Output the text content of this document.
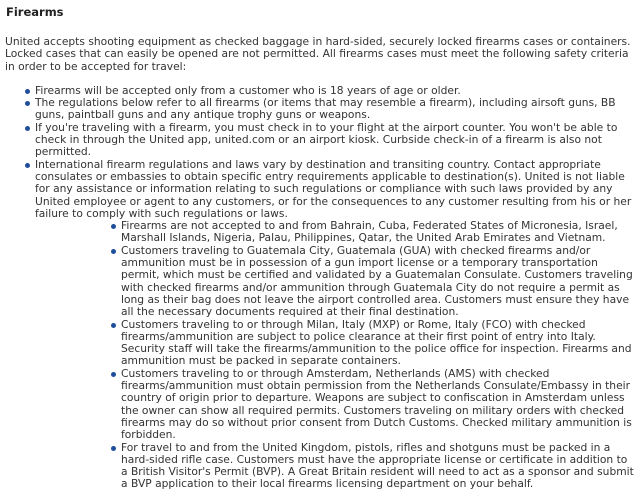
Firearms
United accepts shooting equipment as checked baggage in hard-sided, securely locked firearms cases or containers. Locked cases that can easily be opened are not permitted. All firearms cases must meet the following safety criteria in order to be accepted for travel:
Firearms will be accepted only from a customer who is 18 years of age or older.
The regulations below refer to all firearms (or items that may resemble a firearm), including airsoft guns, BB guns, paintball guns and any antique trophy guns or weapons.
If you're traveling with a firearm, you must check in to your flight at the airport counter. You won't be able to check in through the United app, united.com or an airport kiosk. Curbside check-in of a firearm is also not permitted.
International firearm regulations and laws vary by destination and transiting country. Contact appropriate consulates or embassies to obtain specific entry requirements applicable to destination(s). United is not liable for any assistance or information relating to such regulations or compliance with such laws provided by any United employee or agent to any customers, or for the consequences to any customer resulting from his or her failure to comply with such regulations or laws.
Firearms are not accepted to and from Bahrain, Cuba, Federated States of Micronesia, Israel, Marshall Islands, Nigeria, Palau, Philippines, Qatar, the United Arab Emirates and Vietnam.
Customers traveling to Guatemala City, Guatemala (GUA) with checked firearms and/or ammunition must be in possession of a gun import license or a temporary transportation permit, which must be certified and validated by a Guatemalan Consulate. Customers traveling with checked firearms and/or ammunition through Guatemala City do not require a permit as long as their bag does not leave the airport controlled area. Customers must ensure they have all the necessary documents required at their final destination.
Customers traveling to or through Milan, Italy (MXP) or Rome, Italy (FCO) with checked firearms/ammunition are subject to police clearance at their first point of entry into Italy. Security staff will take the firearms/ammunition to the police office for inspection. Firearms and ammunition must be packed in separate containers.
Customers traveling to or through Amsterdam, Netherlands (AMS) with checked firearms/ammunition must obtain permission from the Netherlands Consulate/Embassy in their country of origin prior to departure. Weapons are subject to confiscation in Amsterdam unless the owner can show all required permits. Customers traveling on military orders with checked firearms may do so without prior consent from Dutch Customs. Checked military ammunition is forbidden.
For travel to and from the United Kingdom, pistols, rifles and shotguns must be packed in a hard-sided rifle case. Customers must have the appropriate license or certificate in addition to a British Visitor's Permit (BVP). A Great Britain resident will need to act as a sponsor and submit a BVP application to their local firearms licensing department on your behalf.
